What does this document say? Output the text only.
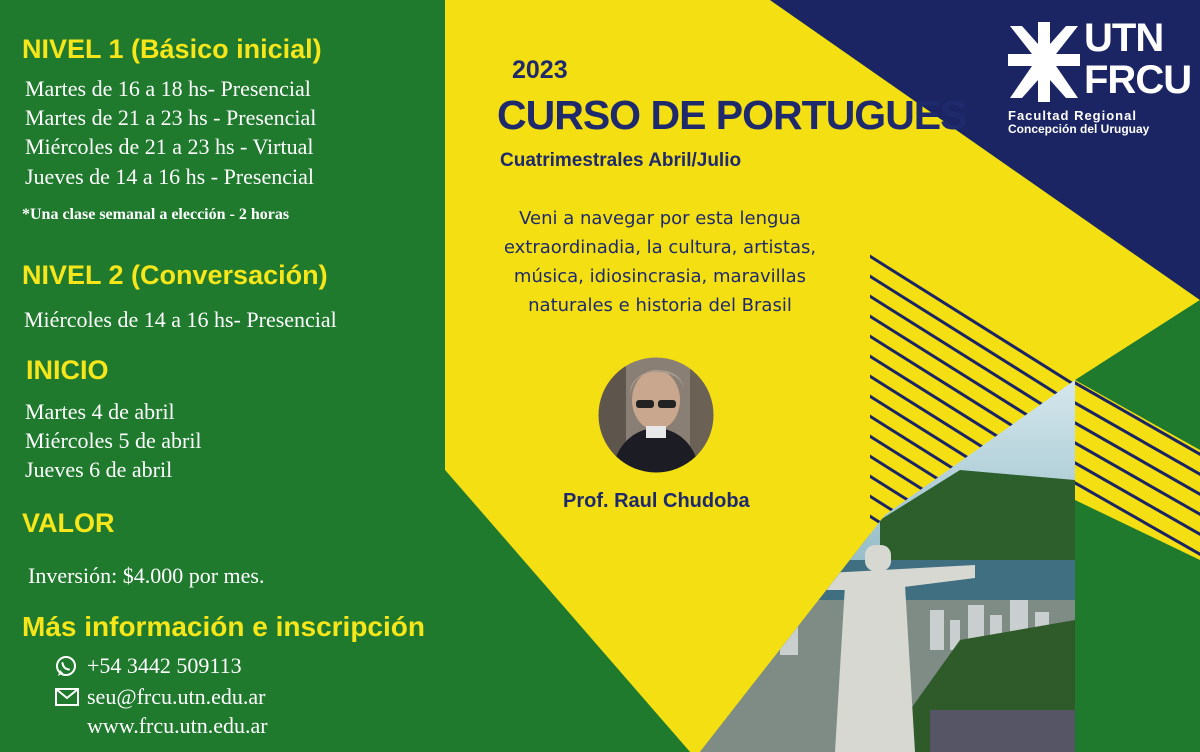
NIVEL 1 (Básico inicial)
Martes de 16 a 18 hs- Presencial
Martes de 21 a 23 hs - Presencial
Miércoles de 21 a 23 hs - Virtual
Jueves de 14 a 16 hs - Presencial
*Una clase semanal a elección - 2 horas
NIVEL 2 (Conversación)
Miércoles de 14 a 16 hs- Presencial
INICIO
Martes 4 de abril
Miércoles 5 de abril
Jueves 6 de abril
VALOR
Inversión: $4.000 por mes.
Más información e inscripción
+54 3442 509113
seu@frcu.utn.edu.ar
www.frcu.utn.edu.ar
2023
CURSO DE PORTUGUES
Cuatrimestrales Abril/Julio
Veni a navegar por esta lengua
extraordinadia, la cultura, artistas,
música, idiosincrasia, maravillas
naturales e historia del Brasil
Prof. Raul Chudoba
UTN
FRCU
Facultad Regional
Concepción del Uruguay
